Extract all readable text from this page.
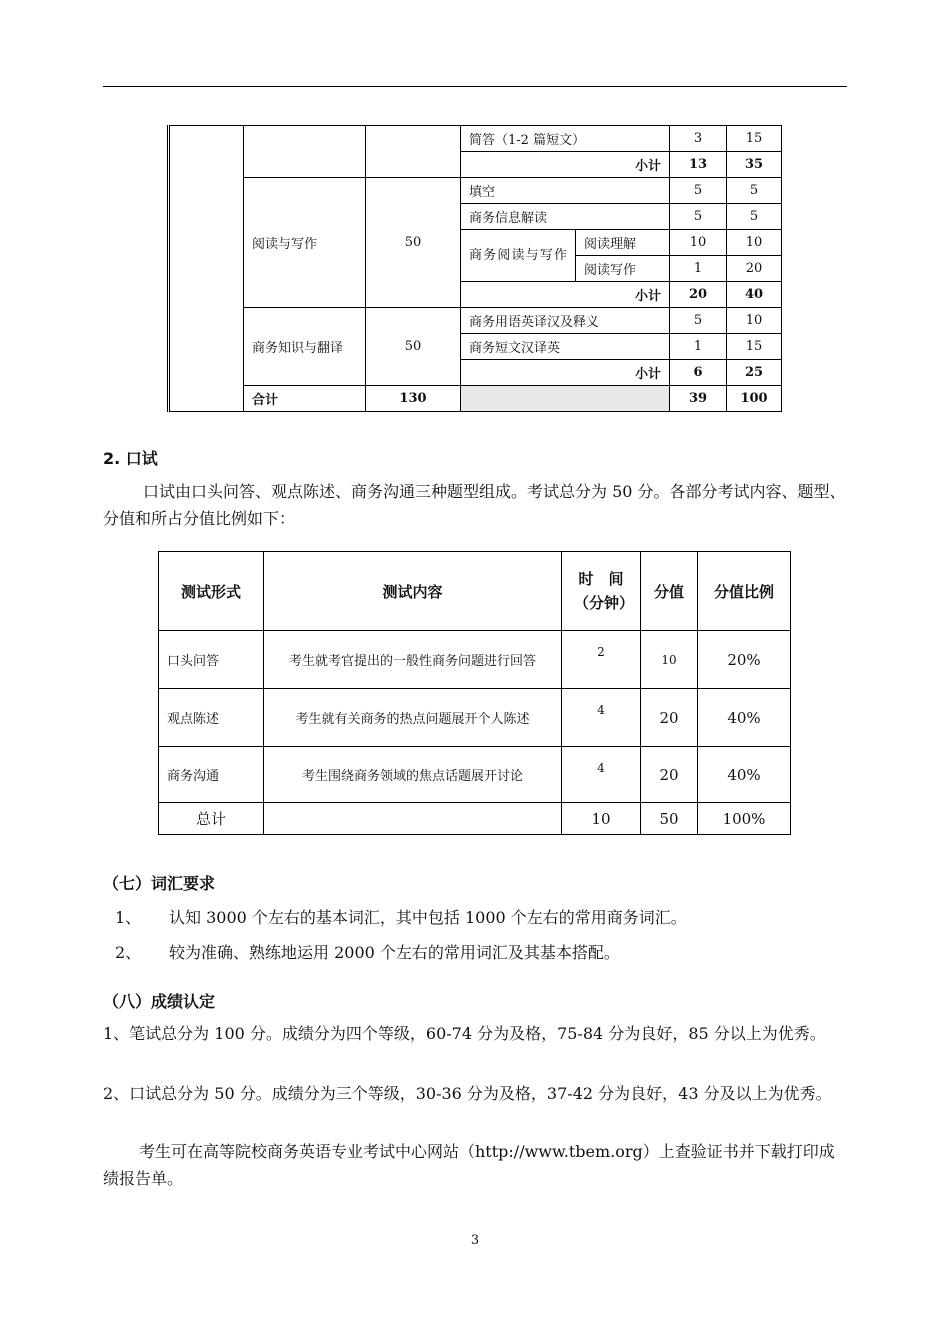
			简答（1-2 篇短文）		3	15
			小计		13	35
	阅读与写作	50	填空		5	5
			商务信息解读		5	5
			商务阅读与写作	阅读理解	10	10
				阅读写作	1	20
			小计		20	40
	商务知识与翻译	50	商务用语英译汉及释义		5	10
			商务短文汉译英		1	15
			小计		6	25
	合计	130			39	100
2. 口试
口试由口头问答、观点陈述、商务沟通三种题型组成。考试总分为 50 分。各部分考试内容、题型、分值和所占分值比例如下：
测试形式	测试内容	时　间（分钟）	分值	分值比例
口头问答	考生就考官提出的一般性商务问题进行回答	2	10	20%
观点陈述	考生就有关商务的热点问题展开个人陈述	4	20	40%
商务沟通	考生围绕商务领域的焦点话题展开讨论	4	20	40%
总计		10	50	100%
（七）词汇要求
1、 认知 3000 个左右的基本词汇，其中包括 1000 个左右的常用商务词汇。
2、 较为准确、熟练地运用 2000 个左右的常用词汇及其基本搭配。
（八）成绩认定
1、笔试总分为 100 分。成绩分为四个等级，60-74 分为及格，75-84 分为良好，85 分以上为优秀。
2、口试总分为 50 分。成绩分为三个等级，30-36 分为及格，37-42 分为良好，43 分及以上为优秀。
考生可在高等院校商务英语专业考试中心网站（http://www.tbem.org）上查验证书并下载打印成绩报告单。
3
